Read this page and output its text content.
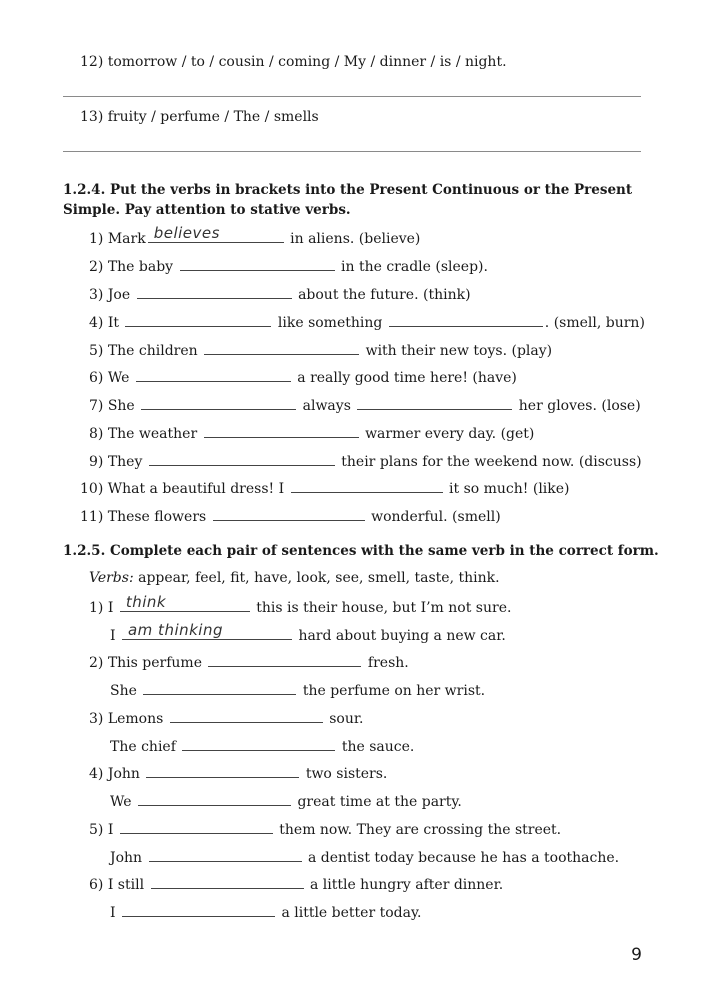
12) tomorrow / to / cousin / coming / My / dinner / is / night.
13) fruity / perfume / The / smells
1.2.4. Put the verbs in brackets into the Present Continuous or the Present
Simple. Pay attention to stative verbs.
1) Mark believes	in aliens. (believe)
2) The baby	in the cradle (sleep).
3) Joe	about the future. (think)
4) It	like something	. (smell, burn)
5) The children	with their new toys. (play)
6) We	a really good time here! (have)
7) She	always	her gloves. (lose)
8) The weather	warmer every day. (get)
9) They	their plans for the weekend now. (discuss)
10) What a beautiful dress! I	it so much! (like)
11) These flowers	wonderful. (smell)
1.2.5. Complete each pair of sentences with the same verb in the correct form.
Verbs: appear, feel, fit, have, look, see, smell, taste, think.
1) I think	this is their house, but I’m not sure.
I am thinking	hard about buying a new car.
2) This perfume	fresh.
She	the perfume on her wrist.
3) Lemons	sour.
The chief	the sauce.
4) John	two sisters.
We	great time at the party.
5) I	them now. They are crossing the street.
John	a dentist today because he has a toothache.
6) I still	a little hungry after dinner.
I	a little better today.
9
